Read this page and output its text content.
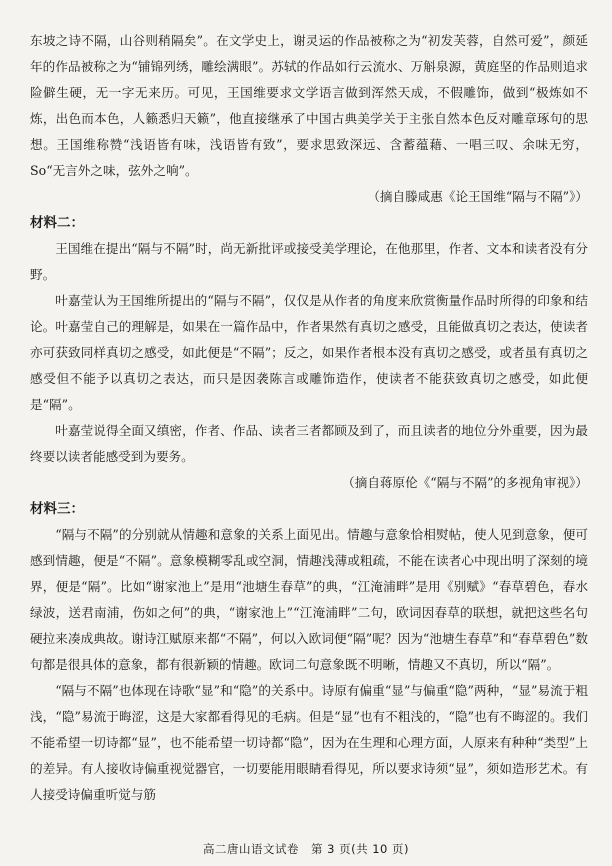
东坡之诗不隔，山谷则稍隔矣”。在文学史上，谢灵运的作品被称之为“初发芙蓉，自然可爱”，颜延年的作品被称之为“铺锦列绣，雕绘满眼”。苏轼的作品如行云流水、万斛泉源，黄庭坚的作品则追求险僻生硬，无一字无来历。可见，王国维要求文学语言做到浑然天成，不假雕饰，做到“极炼如不炼，出色而本色，人籁悉归天籁”，他直接继承了中国古典美学关于主张自然本色反对雕章琢句的思想。王国维称赞“浅语皆有味，浅语皆有致”，要求思致深远、含蓄蕴藉、一唱三叹、余味无穷，So“无言外之味，弦外之响”。

（摘自滕咸惠《论王国维“隔与不隔”》）

材料二：

王国维在提出“隔与不隔”时，尚无新批评或接受美学理论，在他那里，作者、文本和读者没有分野。

叶嘉莹认为王国维所提出的“隔与不隔”，仅仅是从作者的角度来欣赏衡量作品时所得的印象和结论。叶嘉莹自己的理解是，如果在一篇作品中，作者果然有真切之感受，且能做真切之表达，使读者亦可获致同样真切之感受，如此便是“不隔”；反之，如果作者根本没有真切之感受，或者虽有真切之感受但不能予以真切之表达，而只是因袭陈言或雕饰造作，使读者不能获致真切之感受，如此便是“隔”。

叶嘉莹说得全面又缜密，作者、作品、读者三者都顾及到了，而且读者的地位分外重要，因为最终要以读者能感受到为要务。

（摘自蒋原伦《“隔与不隔”的多视角审视》）

材料三：

“隔与不隔”的分别就从情趣和意象的关系上面见出。情趣与意象恰相熨帖，使人见到意象，便可感到情趣，便是“不隔”。意象模糊零乱或空洞，情趣浅薄或粗疏，不能在读者心中现出明了深刻的境界，便是“隔”。比如“谢家池上”是用“池塘生春草”的典，“江淹浦畔”是用《别赋》“春草碧色，春水绿波，送君南浦，伤如之何”的典，“谢家池上”“江淹浦畔”二句，欧词因春草的联想，就把这些名句硬拉来凑成典故。谢诗江赋原来都“不隔”，何以入欧词便“隔”呢？因为“池塘生春草”和“春草碧色”数句都是很具体的意象，都有很新颖的情趣。欧词二句意象既不明晰，情趣又不真切，所以“隔”。

“隔与不隔”也体现在诗歌“显”和“隐”的关系中。诗原有偏重“显”与偏重“隐”两种，“显”易流于粗浅，“隐”易流于晦涩，这是大家都看得见的毛病。但是“显”也有不粗浅的，“隐”也有不晦涩的。我们不能希望一切诗都“显”，也不能希望一切诗都“隐”，因为在生理和心理方面，人原来有种种“类型”上的差异。有人接收诗偏重视觉器官，一切要能用眼睛看得见，所以要求诗须“显”，须如造形艺术。有人接受诗偏重听觉与筋

高二唐山语文试卷　第 3 页(共 10 页)
